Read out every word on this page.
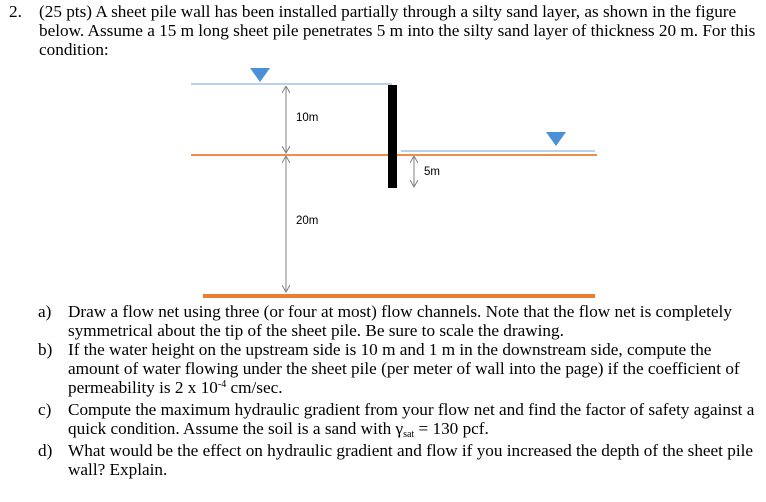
2. (25 pts) A sheet pile wall has been installed partially through a silty sand layer, as shown in the figure below. Assume a 15 m long sheet pile penetrates 5 m into the silty sand layer of thickness 20 m. For this condition:
10m
5m
20m
a) Draw a flow net using three (or four at most) flow channels. Note that the flow net is completely symmetrical about the tip of the sheet pile. Be sure to scale the drawing.
b) If the water height on the upstream side is 10 m and 1 m in the downstream side, compute the amount of water flowing under the sheet pile (per meter of wall into the page) if the coefficient of permeability is 2 x $10^{-4}$ cm/sec.
c) Compute the maximum hydraulic gradient from your flow net and find the factor of safety against a quick condition. Assume the soil is a sand with γsat = 130 pcf.
d) What would be the effect on hydraulic gradient and flow if you increased the depth of the sheet pile wall? Explain.
